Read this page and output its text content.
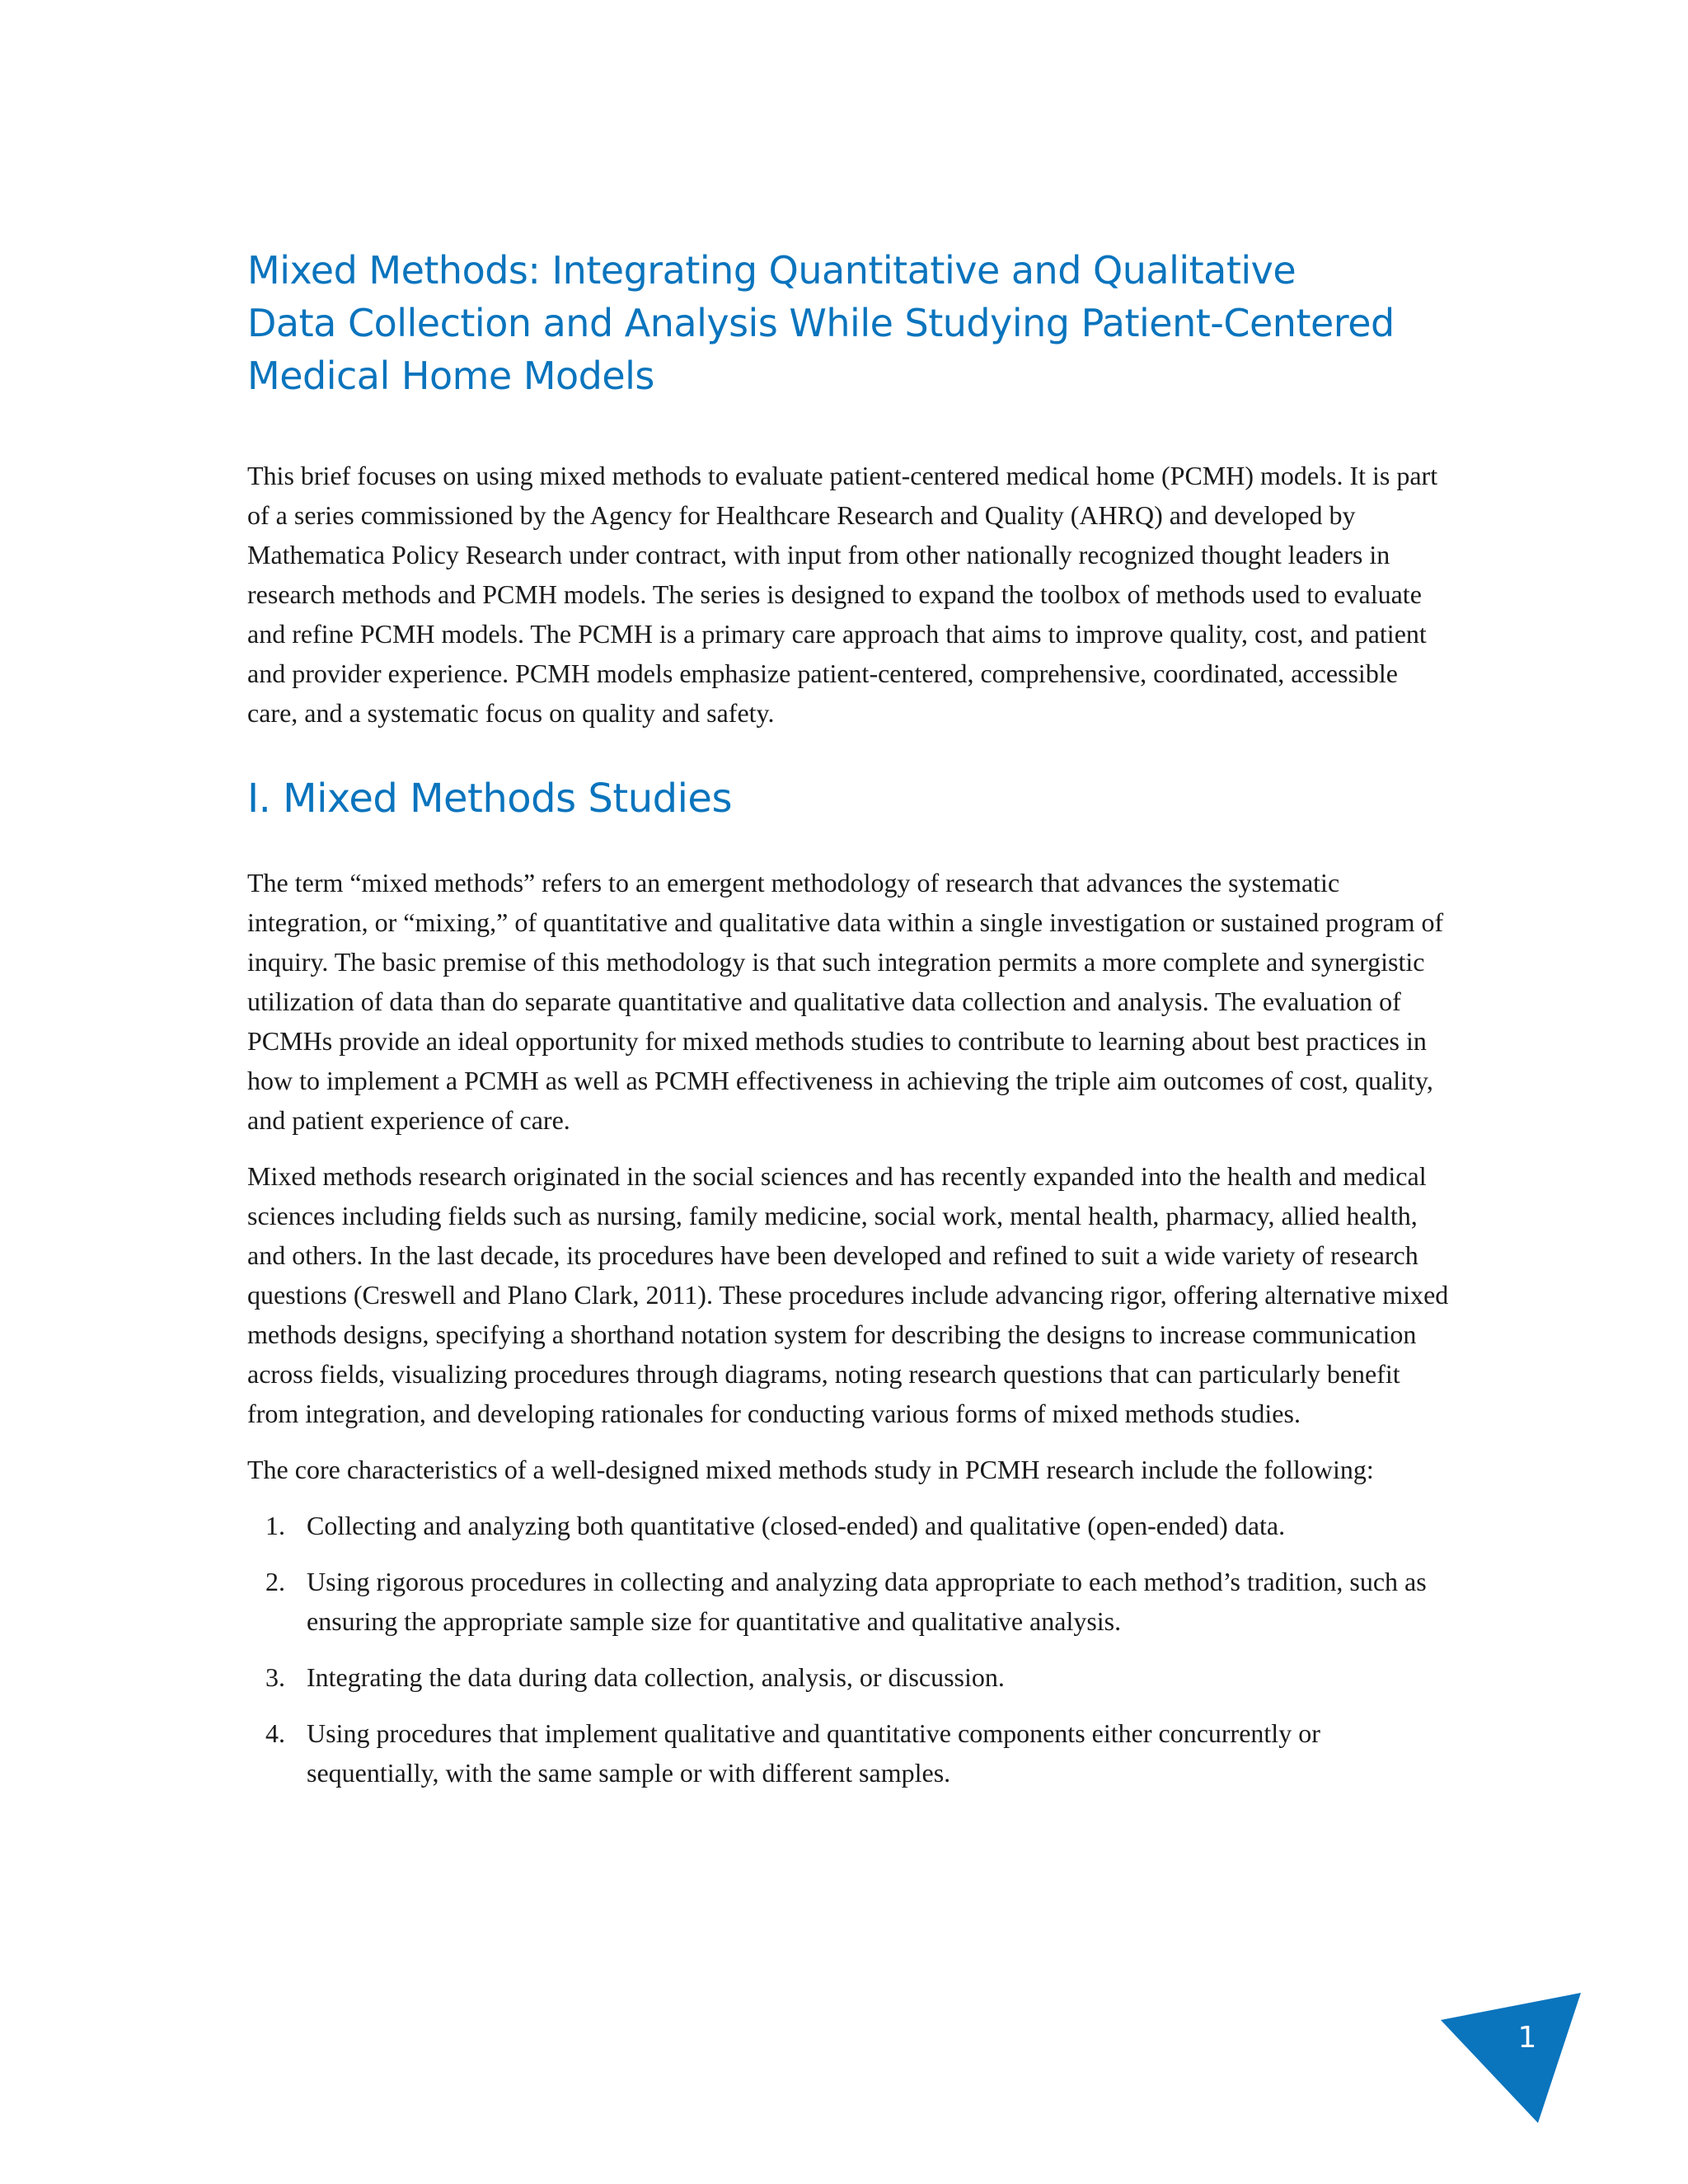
Mixed Methods: Integrating Quantitative and Qualitative
Data Collection and Analysis While Studying Patient-Centered
Medical Home Models

This brief focuses on using mixed methods to evaluate patient-centered medical home (PCMH) models. It is part of a series commissioned by the Agency for Healthcare Research and Quality (AHRQ) and developed by Mathematica Policy Research under contract, with input from other nationally recognized thought leaders in research methods and PCMH models. The series is designed to expand the toolbox of methods used to evaluate and refine PCMH models. The PCMH is a primary care approach that aims to improve quality, cost, and patient and provider experience. PCMH models emphasize patient-centered, comprehensive, coordinated, accessible care, and a systematic focus on quality and safety.

I. Mixed Methods Studies

The term “mixed methods” refers to an emergent methodology of research that advances the systematic integration, or “mixing,” of quantitative and qualitative data within a single investigation or sustained program of inquiry. The basic premise of this methodology is that such integration permits a more complete and synergistic utilization of data than do separate quantitative and qualitative data collection and analysis. The evaluation of PCMHs provide an ideal opportunity for mixed methods studies to contribute to learning about best practices in how to implement a PCMH as well as PCMH effectiveness in achieving the triple aim outcomes of cost, quality, and patient experience of care.

Mixed methods research originated in the social sciences and has recently expanded into the health and medical sciences including fields such as nursing, family medicine, social work, mental health, pharmacy, allied health, and others. In the last decade, its procedures have been developed and refined to suit a wide variety of research questions (Creswell and Plano Clark, 2011). These procedures include advancing rigor, offering alternative mixed methods designs, specifying a shorthand notation system for describing the designs to increase communication across fields, visualizing procedures through diagrams, noting research questions that can particularly benefit from integration, and developing rationales for conducting various forms of mixed methods studies.

The core characteristics of a well-designed mixed methods study in PCMH research include the following:

1. Collecting and analyzing both quantitative (closed-ended) and qualitative (open-ended) data.
2. Using rigorous procedures in collecting and analyzing data appropriate to each method’s tradition, such as ensuring the appropriate sample size for quantitative and qualitative analysis.
3. Integrating the data during data collection, analysis, or discussion.
4. Using procedures that implement qualitative and quantitative components either concurrently or sequentially, with the same sample or with different samples.
1
